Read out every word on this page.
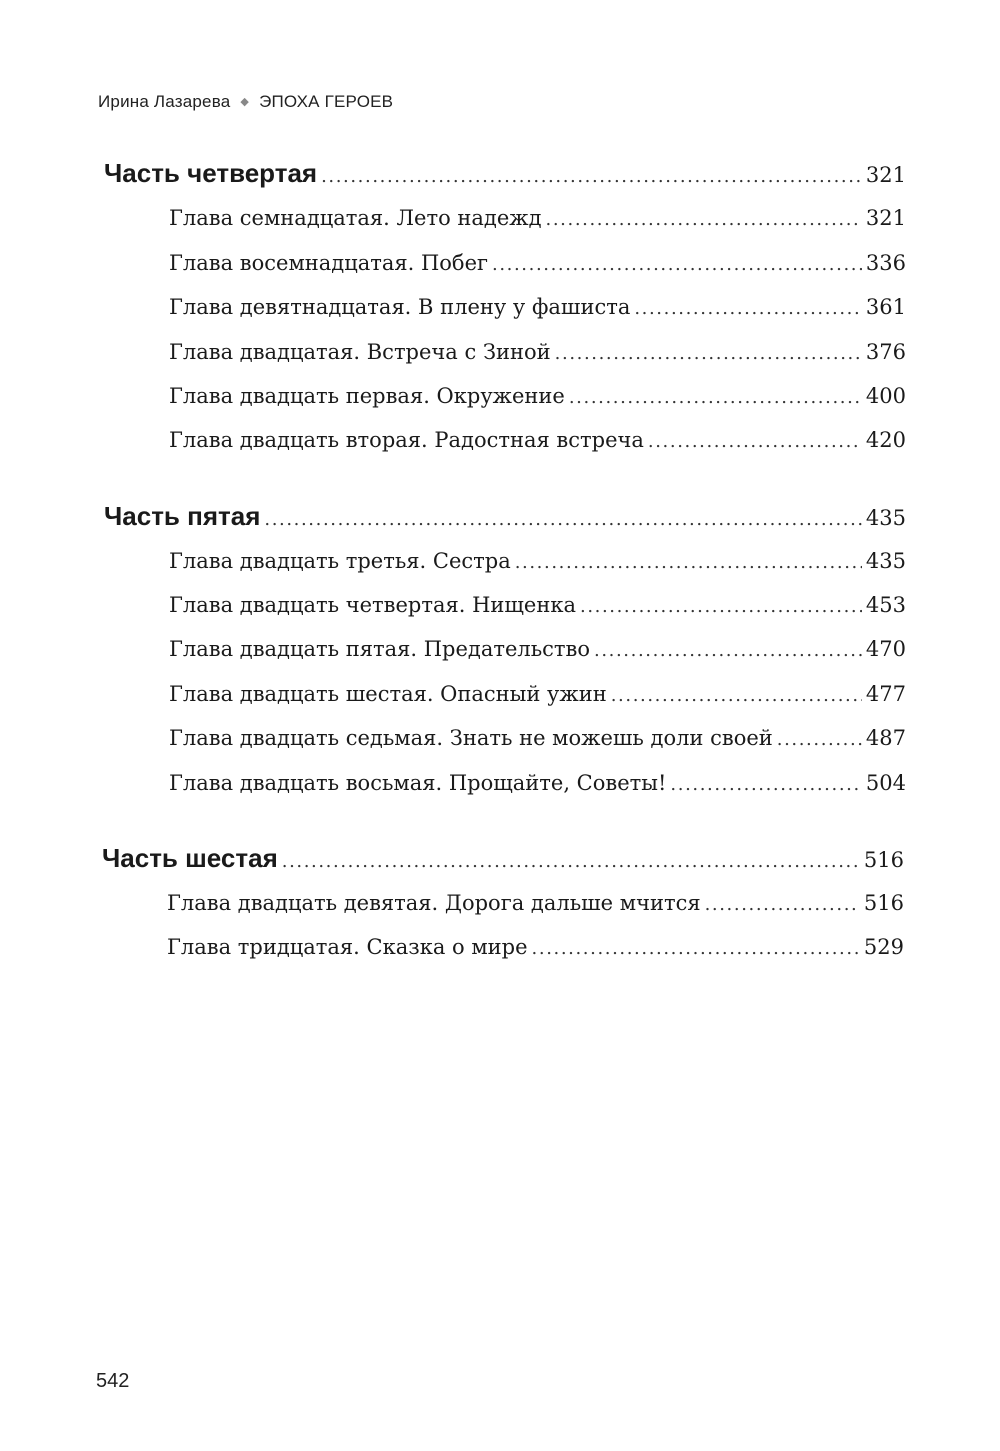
Ирина Лазарева ◆ ЭПОХА ГЕРОЕВ
Часть четвертая .....	321
Глава семнадцатая. Лето надежд .....	321
Глава восемнадцатая. Побег .....	336
Глава девятнадцатая. В плену у фашиста .....	361
Глава двадцатая. Встреча с Зиной .....	376
Глава двадцать первая. Окружение .....	400
Глава двадцать вторая. Радостная встреча .....	420
Часть пятая .....	435
Глава двадцать третья. Сестра .....	435
Глава двадцать четвертая. Нищенка .....	453
Глава двадцать пятая. Предательство .....	470
Глава двадцать шестая. Опасный ужин .....	477
Глава двадцать седьмая. Знать не можешь доли своей .....	487
Глава двадцать восьмая. Прощайте, Советы! .....	504
Часть шестая .....	516
Глава двадцать девятая. Дорога дальше мчится .....	516
Глава тридцатая. Сказка о мире .....	529
542
